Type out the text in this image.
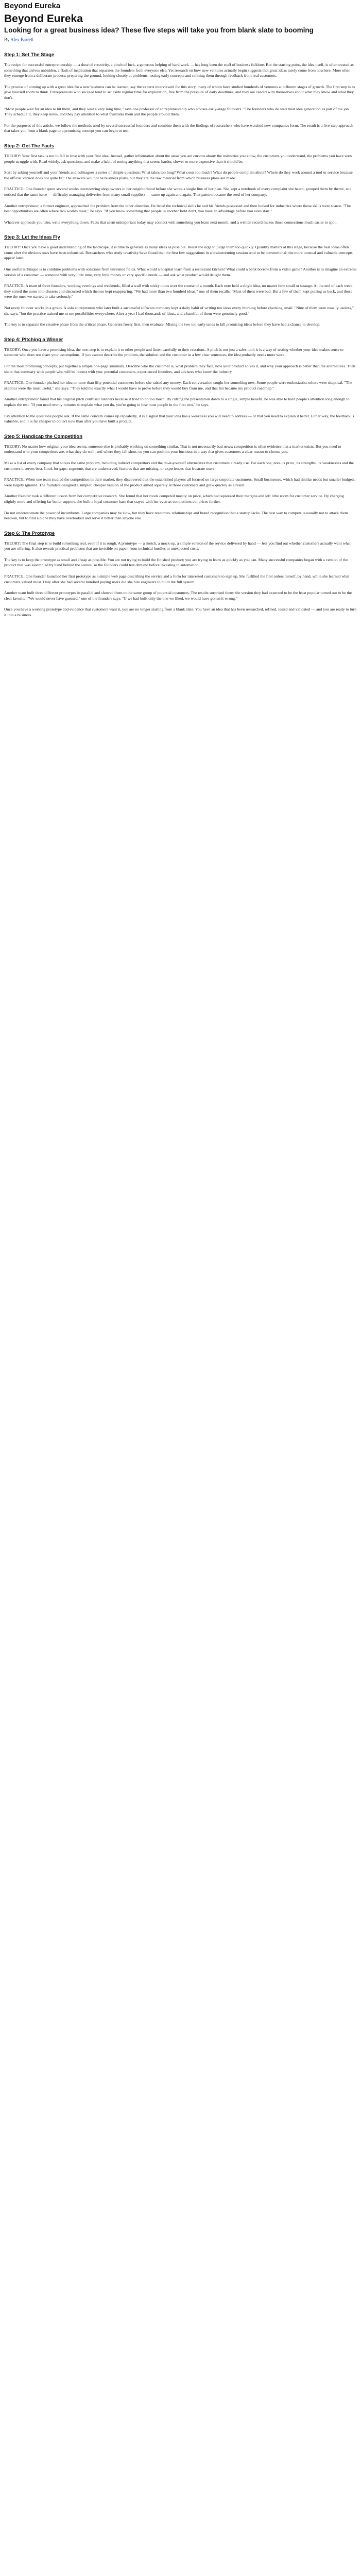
Beyond Eureka
Beyond Eureka
Looking for a great business idea? These five steps will take you from blank slate to booming
By Alex Barrell
Step 1: Set The Stage

The recipe for successful entrepreneurship — a dose of creativity, a pinch of luck, a generous helping of hard work — has long been the stuff of business folklore. But the starting point, the idea itself, is often treated as something that arrives unbidden, a flash of inspiration that separates the founders from everyone else. Yet research on how new ventures actually begin suggests that great ideas rarely come from nowhere. More often they emerge from a deliberate process: preparing the ground, looking closely at problems, testing early concepts and refining them through feedback from real customers.

The process of coming up with a great idea for a new business can be learned, say the experts interviewed for this story, many of whom have studied hundreds of ventures at different stages of growth. The first step is to give yourself room to think. Entrepreneurs who succeed tend to set aside regular time for exploration, free from the pressure of daily deadlines, and they are candid with themselves about what they know and what they don't.

"Most people wait for an idea to hit them, and they wait a very long time," says one professor of entrepreneurship who advises early-stage founders. "The founders who do well treat idea generation as part of the job. They schedule it, they keep notes, and they pay attention to what frustrates them and the people around them."

For the purposes of this article, we follow the methods used by several successful founders and combine them with the findings of researchers who have watched new companies form. The result is a five-step approach that takes you from a blank page to a promising concept you can begin to test.

Step 2: Get The Facts

THEORY: Your first task is not to fall in love with your first idea. Instead, gather information about the areas you are curious about: the industries you know, the customers you understand, the problems you have seen people struggle with. Read widely, ask questions, and make a habit of noting anything that seems harder, slower or more expensive than it should be.

Start by asking yourself and your friends and colleagues a series of simple questions: What takes too long? What costs too much? What do people complain about? Where do they work around a tool or service because the official version does not quite fit? The answers will not be business plans, but they are the raw material from which business plans are made.

PRACTICE: One founder spent several weeks interviewing shop owners in her neighborhood before she wrote a single line of her plan. She kept a notebook of every complaint she heard, grouped them by theme, and noticed that the same issue — difficulty managing deliveries from many small suppliers — came up again and again. That pattern became the seed of her company.

Another entrepreneur, a former engineer, approached the problem from the other direction. He listed the technical skills he and his friends possessed and then looked for industries where those skills were scarce. "The best opportunities are often where two worlds meet," he says. "If you know something that people in another field don't, you have an advantage before you even start."

Whatever approach you take, write everything down. Facts that seem unimportant today may connect with something you learn next month, and a written record makes those connections much easier to spot.

Step 3: Let the Ideas Fly

THEORY: Once you have a good understanding of the landscape, it is time to generate as many ideas as possible. Resist the urge to judge them too quickly. Quantity matters at this stage, because the best ideas often come after the obvious ones have been exhausted. Researchers who study creativity have found that the first few suggestions in a brainstorming session tend to be conventional; the more unusual and valuable concepts appear later.

One useful technique is to combine problems with solutions from unrelated fields. What would a hospital learn from a restaurant kitchen? What could a bank borrow from a video game? Another is to imagine an extreme version of a customer — someone with very little time, very little money or very specific needs — and ask what product would delight them.

PRACTICE: A team of three founders, working evenings and weekends, filled a wall with sticky notes over the course of a month. Each note held a single idea, no matter how small or strange. At the end of each week they sorted the notes into clusters and discussed which themes kept reappearing. "We had more than two hundred ideas," one of them recalls. "Most of them were bad. But a few of them kept pulling us back, and those were the ones we started to take seriously."

Not every founder works in a group. A solo entrepreneur who later built a successful software company kept a daily habit of writing ten ideas every morning before checking email. "Nine of them were usually useless," she says, "but the practice trained me to see possibilities everywhere. After a year I had thousands of ideas, and a handful of them were genuinely good."

The key is to separate the creative phase from the critical phase. Generate freely first, then evaluate. Mixing the two too early tends to kill promising ideas before they have had a chance to develop.

Step 4: Pitching a Winner

THEORY: Once you have a promising idea, the next step is to explain it to other people and listen carefully to their reactions. A pitch is not just a sales tool; it is a way of testing whether your idea makes sense to someone who does not share your assumptions. If you cannot describe the problem, the solution and the customer in a few clear sentences, the idea probably needs more work.

For the most promising concepts, put together a simple one-page summary. Describe who the customer is, what problem they face, how your product solves it, and why your approach is better than the alternatives. Then share that summary with people who will be honest with you: potential customers, experienced founders, and advisers who know the industry.

PRACTICE: One founder pitched her idea to more than fifty potential customers before she raised any money. Each conversation taught her something new. Some people were enthusiastic; others were skeptical. "The skeptics were the most useful," she says. "They told me exactly what I would have to prove before they would buy from me, and that list became my product roadmap."

Another entrepreneur found that his original pitch confused listeners because it tried to do too much. By cutting the presentation down to a single, simple benefit, he was able to hold people's attention long enough to explain the rest. "If you need twenty minutes to explain what you do, you're going to lose most people in the first two," he says.

Pay attention to the questions people ask. If the same concern comes up repeatedly, it is a signal that your idea has a weakness you will need to address — or that you need to explain it better. Either way, the feedback is valuable, and it is far cheaper to collect now than after you have built a product.

Step 5: Handicap the Competition

THEORY: No matter how original your idea seems, someone else is probably working on something similar. That is not necessarily bad news: competition is often evidence that a market exists. But you need to understand who your competitors are, what they do well, and where they fall short, so you can position your business in a way that gives customers a clear reason to choose you.

Make a list of every company that solves the same problem, including indirect competitors and the do-it-yourself alternatives that customers already use. For each one, note its price, its strengths, its weaknesses and the customers it serves best. Look for gaps: segments that are underserved, features that are missing, or experiences that frustrate users.

PRACTICE: When one team studied the competition in their market, they discovered that the established players all focused on large corporate customers. Small businesses, which had similar needs but smaller budgets, were largely ignored. The founders designed a simpler, cheaper version of the product aimed squarely at those customers and grew quickly as a result.

Another founder took a different lesson from her competitive research. She found that her rivals competed mostly on price, which had squeezed their margins and left little room for customer service. By charging slightly more and offering far better support, she built a loyal customer base that stayed with her even as competitors cut prices further.

Do not underestimate the power of incumbents. Large companies may be slow, but they have resources, relationships and brand recognition that a startup lacks. The best way to compete is usually not to attack them head-on, but to find a niche they have overlooked and serve it better than anyone else.

Step 6: The Prototype

THEORY: The final step is to build something real, even if it is rough. A prototype — a sketch, a mock-up, a simple version of the service delivered by hand — lets you find out whether customers actually want what you are offering. It also reveals practical problems that are invisible on paper, from technical hurdles to unexpected costs.

The key is to keep the prototype as small and cheap as possible. You are not trying to build the finished product; you are trying to learn as quickly as you can. Many successful companies began with a version of the product that was assembled by hand behind the scenes, so the founders could test demand before investing in automation.

PRACTICE: One founder launched her first prototype as a simple web page describing the service and a form for interested customers to sign up. She fulfilled the first orders herself, by hand, while she learned what customers valued most. Only after she had several hundred paying users did she hire engineers to build the full system.

Another team built three different prototypes in parallel and showed them to the same group of potential customers. The results surprised them: the version they had expected to be the least popular turned out to be the clear favorite. "We would never have guessed," one of the founders says. "If we had built only the one we liked, we would have gotten it wrong."

Once you have a working prototype and evidence that customers want it, you are no longer starting from a blank slate. You have an idea that has been researched, refined, tested and validated — and you are ready to turn it into a business.
